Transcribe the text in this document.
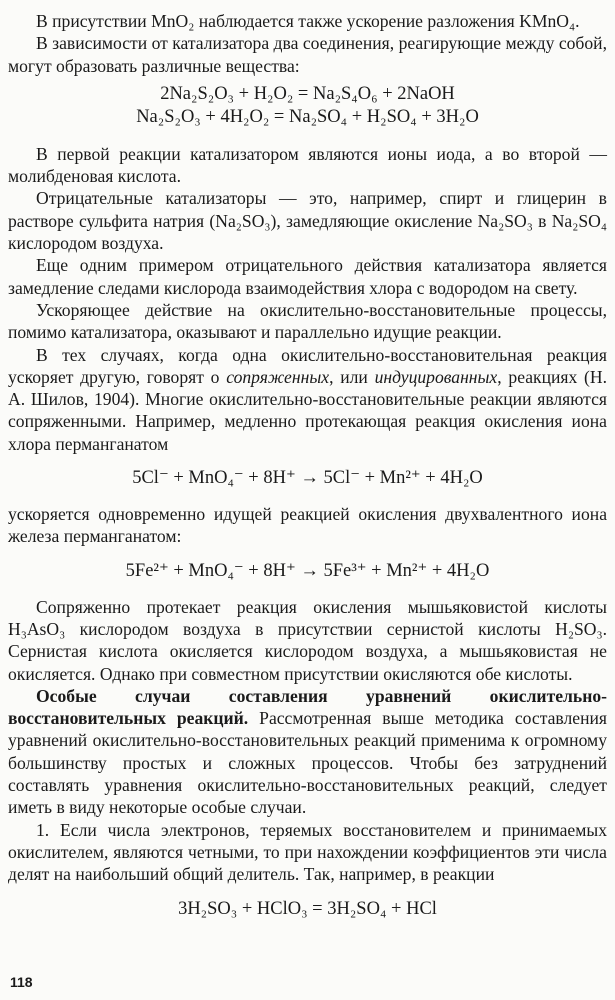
В присутствии MnO₂ наблюдается также ускорение разложения KMnO₄.

В зависимости от катализатора два соединения, реагирующие между собой, могут образовать различные вещества:

2Na₂S₂O₃ + H₂O₂ = Na₂S₄O₆ + 2NaOH

Na₂S₂O₃ + 4H₂O₂ = Na₂SO₄ + H₂SO₄ + 3H₂O

В первой реакции катализатором являются ионы иода, а во второй — молибденовая кислота.

Отрицательные катализаторы — это, например, спирт и глицерин в растворе сульфита натрия (Na₂SO₃), замедляющие окисление Na₂SO₃ в Na₂SO₄ кислородом воздуха.

Еще одним примером отрицательного действия катализатора является замедление следами кислорода взаимодействия хлора с водородом на свету.

Ускоряющее действие на окислительно-восстановительные процессы, помимо катализатора, оказывают и параллельно идущие реакции.

В тех случаях, когда одна окислительно-восстановительная реакция ускоряет другую, говорят о сопряженных, или индуцированных, реакциях (Н. А. Шилов, 1904). Многие окислительно-восстановительные реакции являются сопряженными. Например, медленно протекающая реакция окисления иона хлора перманганатом

5Cl⁻ + MnO₄⁻ + 8H⁺ → 5Cl⁻ + Mn²⁺ + 4H₂O

ускоряется одновременно идущей реакцией окисления двухвалентного иона железа перманганатом:

5Fe²⁺ + MnO₄⁻ + 8H⁺ → 5Fe³⁺ + Mn²⁺ + 4H₂O

Сопряженно протекает реакция окисления мышьяковистой кислоты H₃AsO₃ кислородом воздуха в присутствии сернистой кислоты H₂SO₃. Сернистая кислота окисляется кислородом воздуха, а мышьяковистая не окисляется. Однако при совместном присутствии окисляются обе кислоты.

Особые случаи составления уравнений окислительно-восстановительных реакций. Рассмотренная выше методика составления уравнений окислительно-восстановительных реакций применима к огромному большинству простых и сложных процессов. Чтобы без затруднений составлять уравнения окислительно-восстановительных реакций, следует иметь в виду некоторые особые случаи.

1. Если числа электронов, теряемых восстановителем и принимаемых окислителем, являются четными, то при нахождении коэффициентов эти числа делят на наибольший общий делитель. Так, например, в реакции

3H₂SO₃ + HClO₃ = 3H₂SO₄ + HCl

118
